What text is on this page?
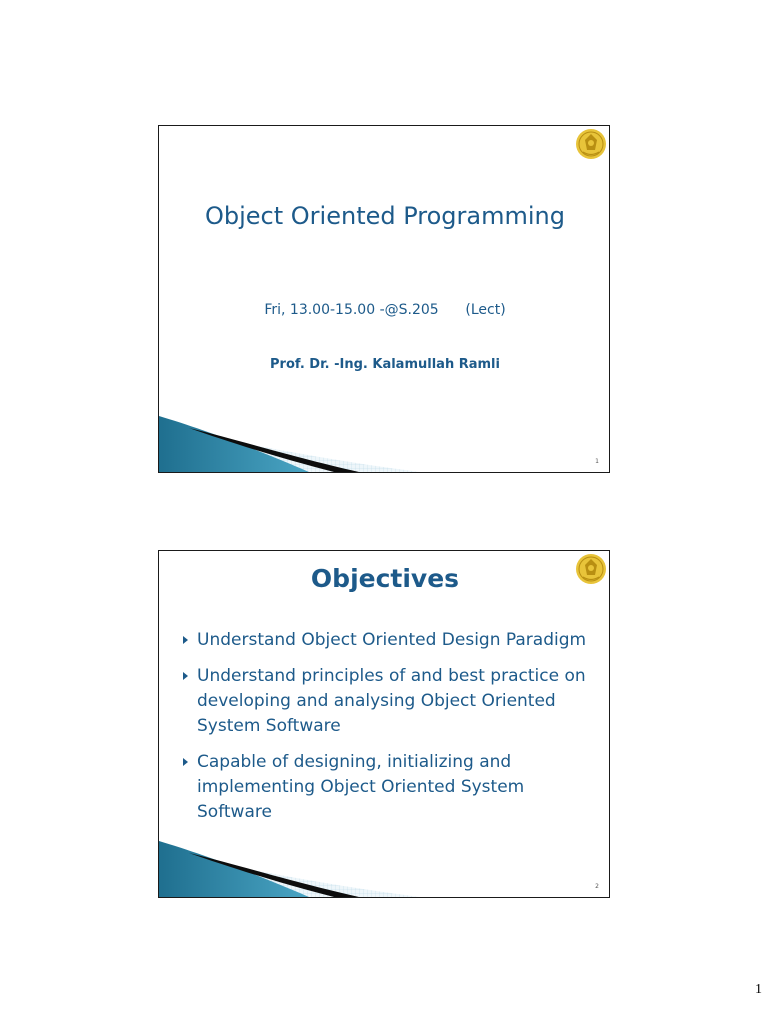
Object Oriented Programming
Fri, 13.00-15.00 -@S.205      (Lect)
Prof. Dr. -Ing. Kalamullah Ramli
1
Objectives
Understand Object Oriented Design Paradigm
Understand principles of and best practice on developing and analysing Object Oriented System Software
Capable of designing, initializing and implementing Object Oriented System Software
2
1
